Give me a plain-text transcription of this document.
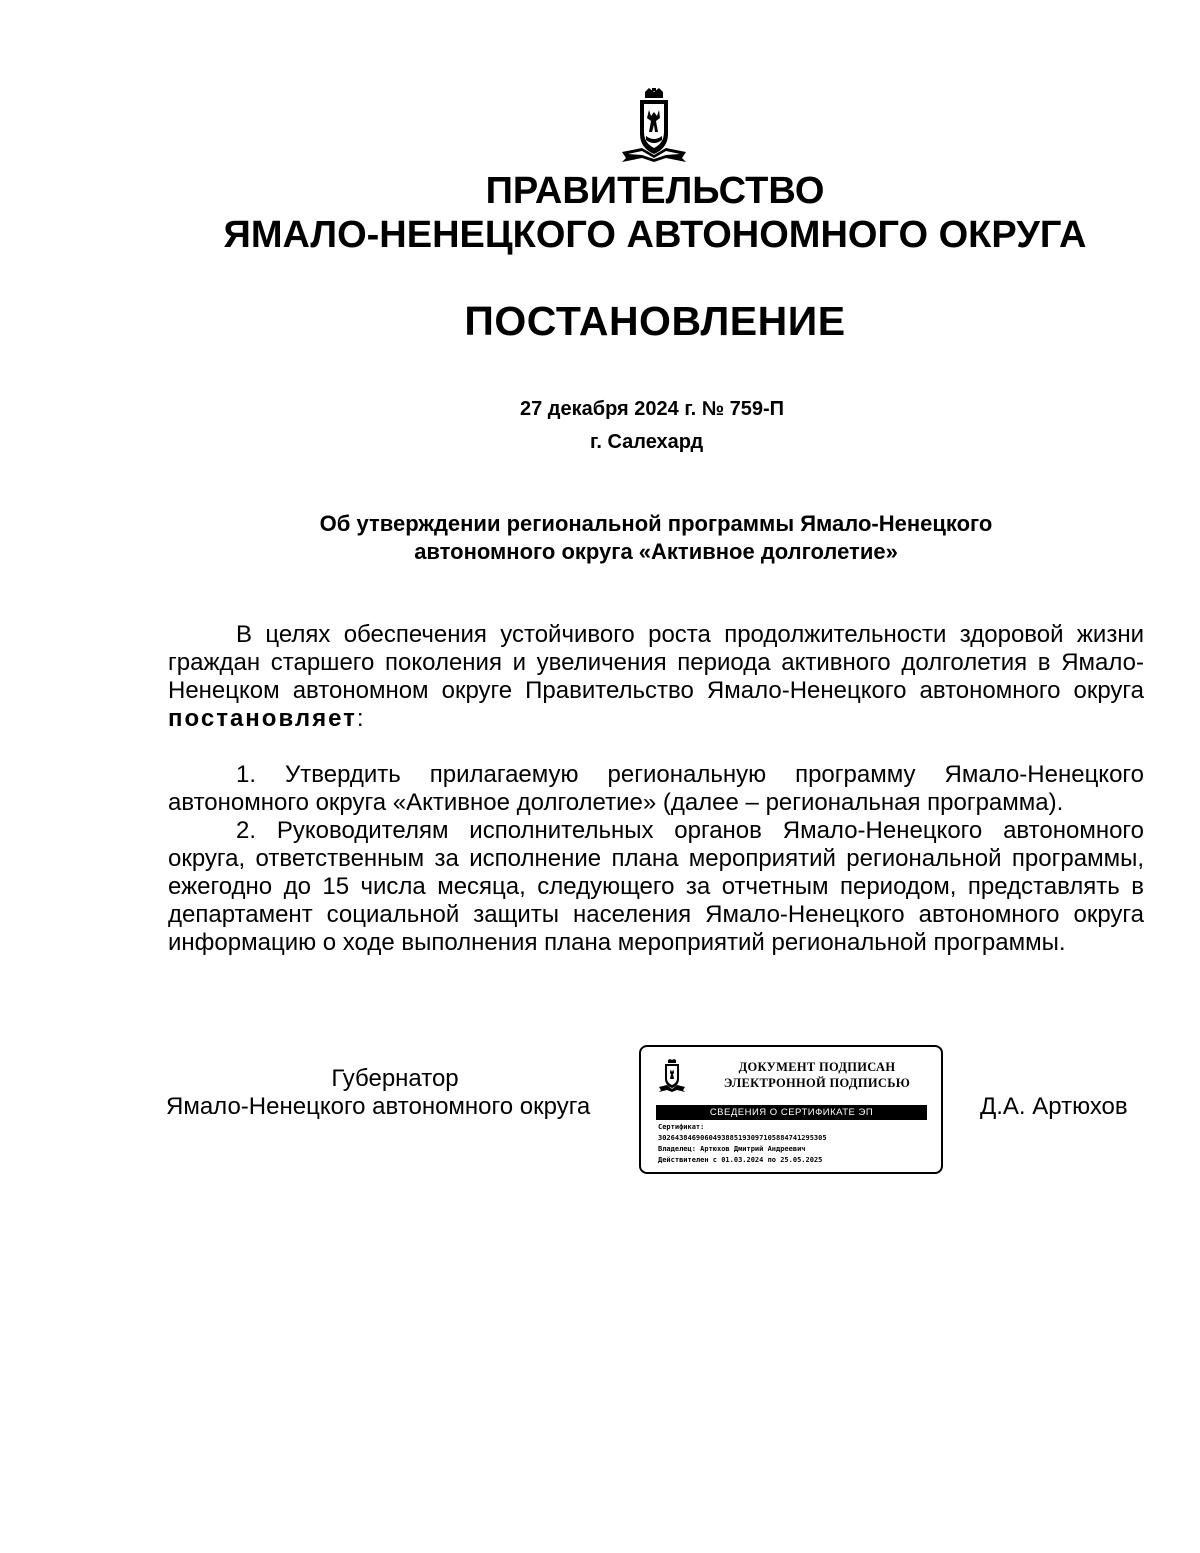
ПРАВИТЕЛЬСТВО
ЯМАЛО-НЕНЕЦКОГО АВТОНОМНОГО ОКРУГА
ПОСТАНОВЛЕНИЕ
27 декабря 2024 г. № 759-П
г. Салехард
Об утверждении региональной программы Ямало-Ненецкого
автономного округа «Активное долголетие»

В целях обеспечения устойчивого роста продолжительности здоровой жизни граждан старшего поколения и увеличения периода активного долголетия в Ямало-Ненецком автономном округе Правительство Ямало-Ненецкого автономного округа постановляет:

1. Утвердить прилагаемую региональную программу Ямало-Ненецкого автономного округа «Активное долголетие» (далее – региональная программа).

2. Руководителям исполнительных органов Ямало-Ненецкого автономного округа, ответственным за исполнение плана мероприятий региональной программы, ежегодно до 15 числа месяца, следующего за отчетным периодом, представлять в департамент социальной защиты населения Ямало-Ненецкого автономного округа информацию о ходе выполнения плана мероприятий региональной программы.

Губернатор
Ямало-Ненецкого автономного округа
ДОКУМЕНТ ПОДПИСАН
ЭЛЕКТРОННОЙ ПОДПИСЬЮ
СВЕДЕНИЯ О СЕРТИФИКАТЕ ЭП
Сертификат:
3026438469060493885193097105884741295305
Владелец: Артюхов Дмитрий Андреевич
Действителен с 01.03.2024 по 25.05.2025
Д.А. Артюхов
